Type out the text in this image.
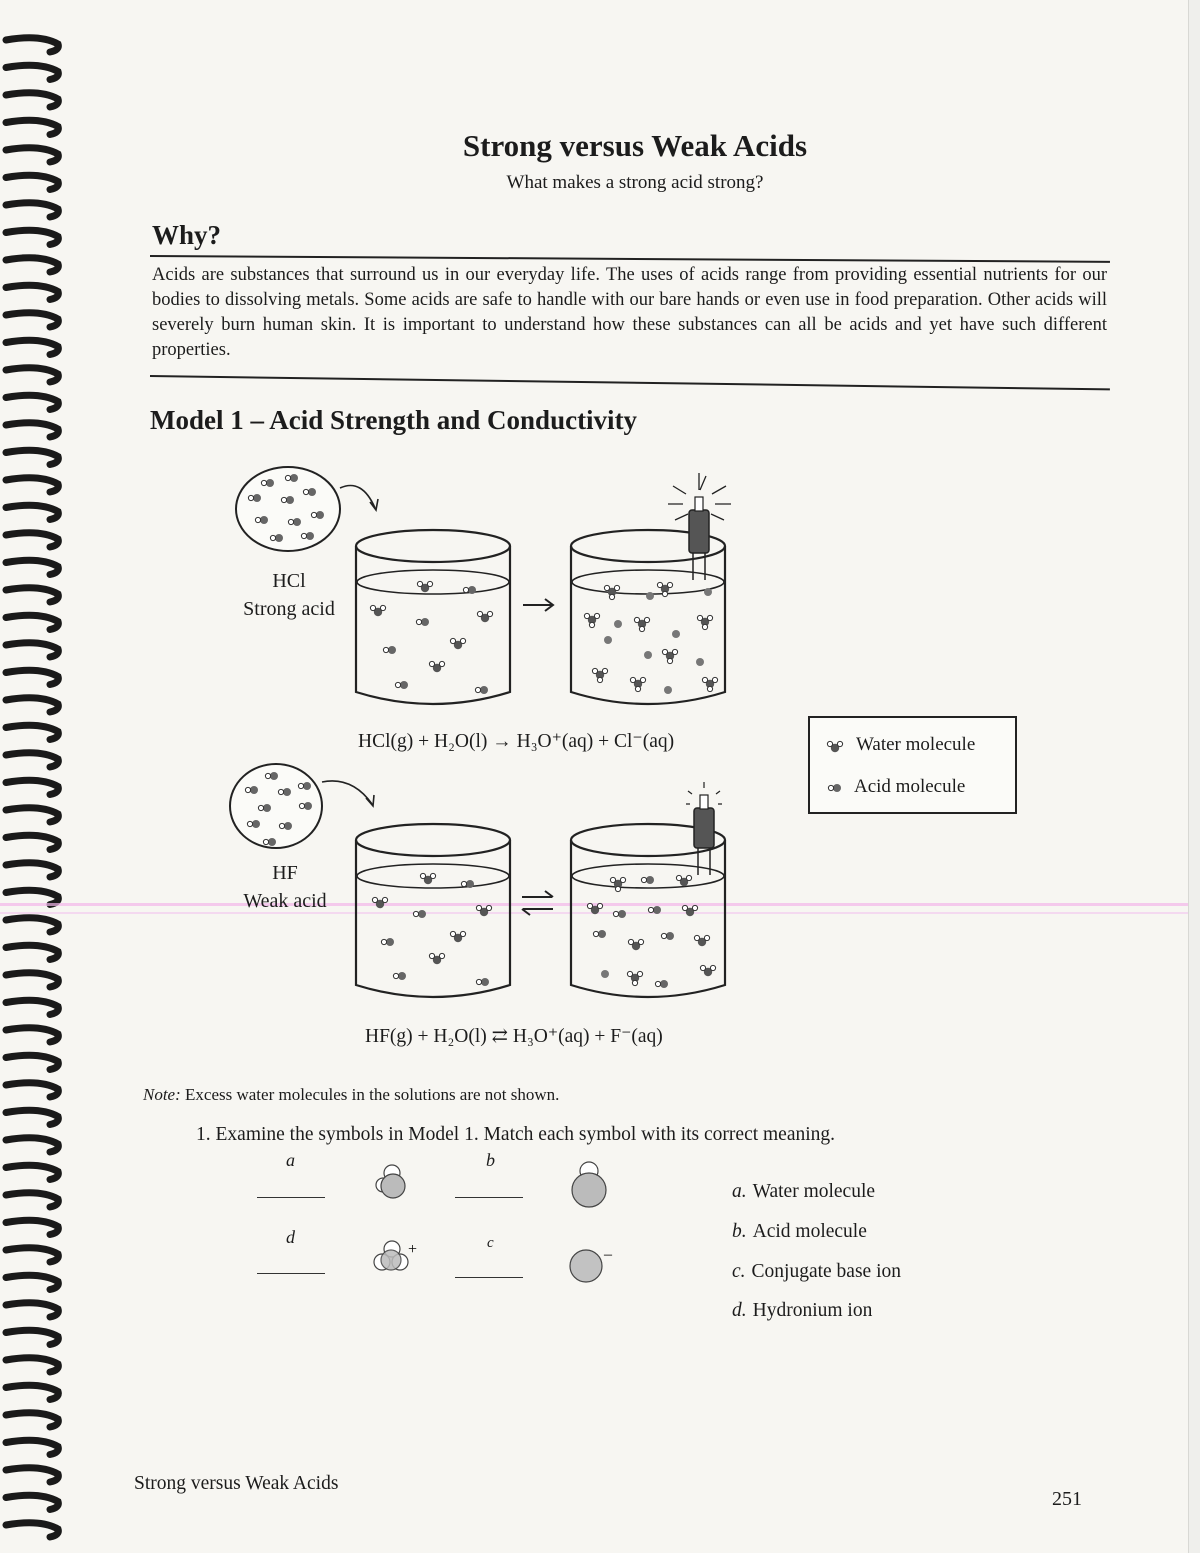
Strong versus Weak Acids
What makes a strong acid strong?
Why?
Acids are substances that surround us in our everyday life. The uses of acids range from providing essential nutrients for our bodies to dissolving metals. Some acids are safe to handle with our bare hands or even use in food preparation. Other acids will severely burn human skin. It is important to understand how these substances can all be acids and yet have such different properties.
Model 1 – Acid Strength and Conductivity
HCl
Strong acid
HCl(g) + H₂O(l) → H₃O⁺(aq) + Cl⁻(aq)
HF
Weak acid
HF(g) + H₂O(l) ⇄ H₃O⁺(aq) + F⁻(aq)
Water molecule
Acid molecule
Note: Excess water molecules in the solutions are not shown.
1. Examine the symbols in Model 1. Match each symbol with its correct meaning.
a	b
d
+	c
–
a. Water molecule
b. Acid molecule
c. Conjugate base ion
d. Hydronium ion
Strong versus Weak Acids
251
